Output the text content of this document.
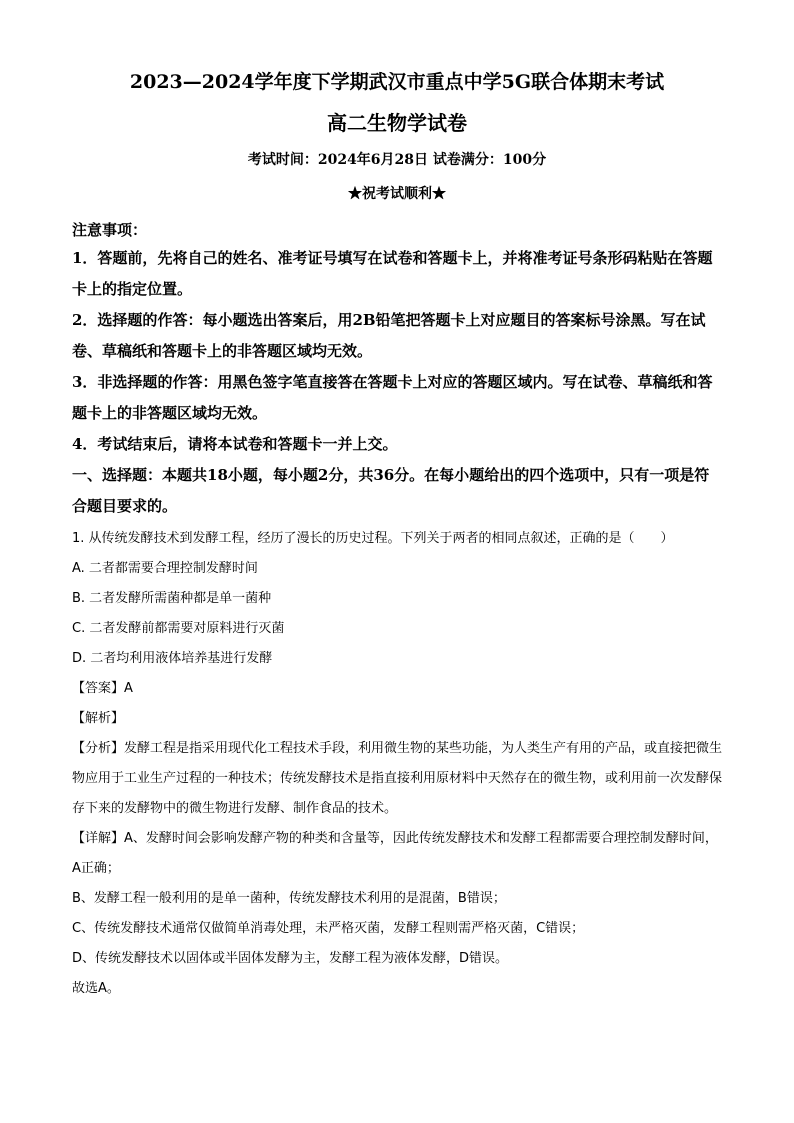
2023—2024学年度下学期武汉市重点中学5G联合体期末考试
高二生物学试卷
考试时间：2024年6月28日 试卷满分：100分
★祝考试顺利★
注意事项：

1．答题前，先将自己的姓名、准考证号填写在试卷和答题卡上，并将准考证号条形码粘贴在答题卡上的指定位置。

2．选择题的作答：每小题选出答案后，用2B铅笔把答题卡上对应题目的答案标号涂黑。写在试卷、草稿纸和答题卡上的非答题区域均无效。

3．非选择题的作答：用黑色签字笔直接答在答题卡上对应的答题区域内。写在试卷、草稿纸和答题卡上的非答题区域均无效。

4．考试结束后，请将本试卷和答题卡一并上交。

一、选择题：本题共18小题，每小题2分，共36分。在每小题给出的四个选项中，只有一项是符合题目要求的。

1. 从传统发酵技术到发酵工程，经历了漫长的历史过程。下列关于两者的相同点叙述，正确的是（　　）

A. 二者都需要合理控制发酵时间

B. 二者发酵所需菌种都是单一菌种

C. 二者发酵前都需要对原料进行灭菌

D. 二者均利用液体培养基进行发酵

【答案】A

【解析】

【分析】发酵工程是指采用现代化工程技术手段，利用微生物的某些功能，为人类生产有用的产品，或直接把微生物应用于工业生产过程的一种技术；传统发酵技术是指直接利用原材料中天然存在的微生物，或利用前一次发酵保存下来的发酵物中的微生物进行发酵、制作食品的技术。

【详解】A、发酵时间会影响发酵产物的种类和含量等，因此传统发酵技术和发酵工程都需要合理控制发酵时间，A正确；

B、发酵工程一般利用的是单一菌种，传统发酵技术利用的是混菌，B错误；

C、传统发酵技术通常仅做简单消毒处理，未严格灭菌，发酵工程则需严格灭菌，C错误；

D、传统发酵技术以固体或半固体发酵为主，发酵工程为液体发酵，D错误。

故选A。
